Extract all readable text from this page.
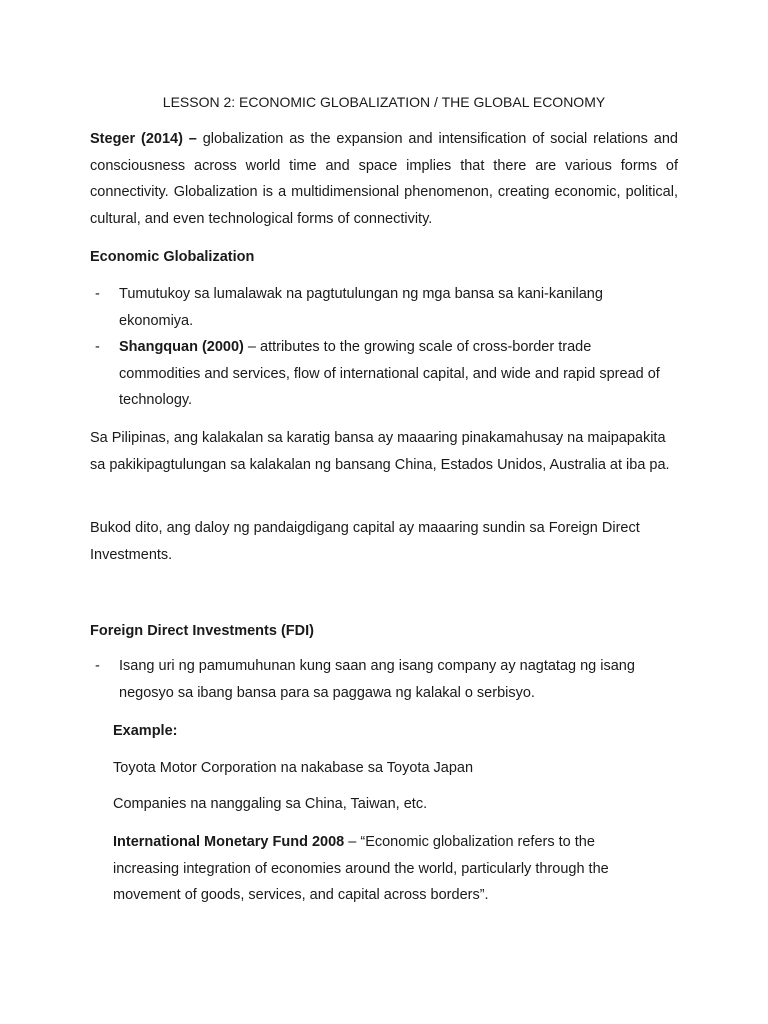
LESSON 2: ECONOMIC GLOBALIZATION / THE GLOBAL ECONOMY

Steger (2014) – globalization as the expansion and intensification of social relations and consciousness across world time and space implies that there are various forms of connectivity. Globalization is a multidimensional phenomenon, creating economic, political, cultural, and even technological forms of connectivity.

Economic Globalization
-	Tumutukoy sa lumalawak na pagtutulungan ng mga bansa sa kani-kanilang ekonomiya.
-	Shangquan (2000) – attributes to the growing scale of cross-border trade commodities and services, flow of international capital, and wide and rapid spread of technology.

Sa Pilipinas, ang kalakalan sa karatig bansa ay maaaring pinakamahusay na maipapakita sa pakikipagtulungan sa kalakalan ng bansang China, Estados Unidos, Australia at iba pa.

Bukod dito, ang daloy ng pandaigdigang capital ay maaaring sundin sa Foreign Direct Investments.

Foreign Direct Investments (FDI)
-	Isang uri ng pamumuhunan kung saan ang isang company ay nagtatag ng isang negosyo sa ibang bansa para sa paggawa ng kalakal o serbisyo.

Example:

Toyota Motor Corporation na nakabase sa Toyota Japan

Companies na nanggaling sa China, Taiwan, etc.

International Monetary Fund 2008 – “Economic globalization refers to the increasing integration of economies around the world, particularly through the movement of goods, services, and capital across borders”.
